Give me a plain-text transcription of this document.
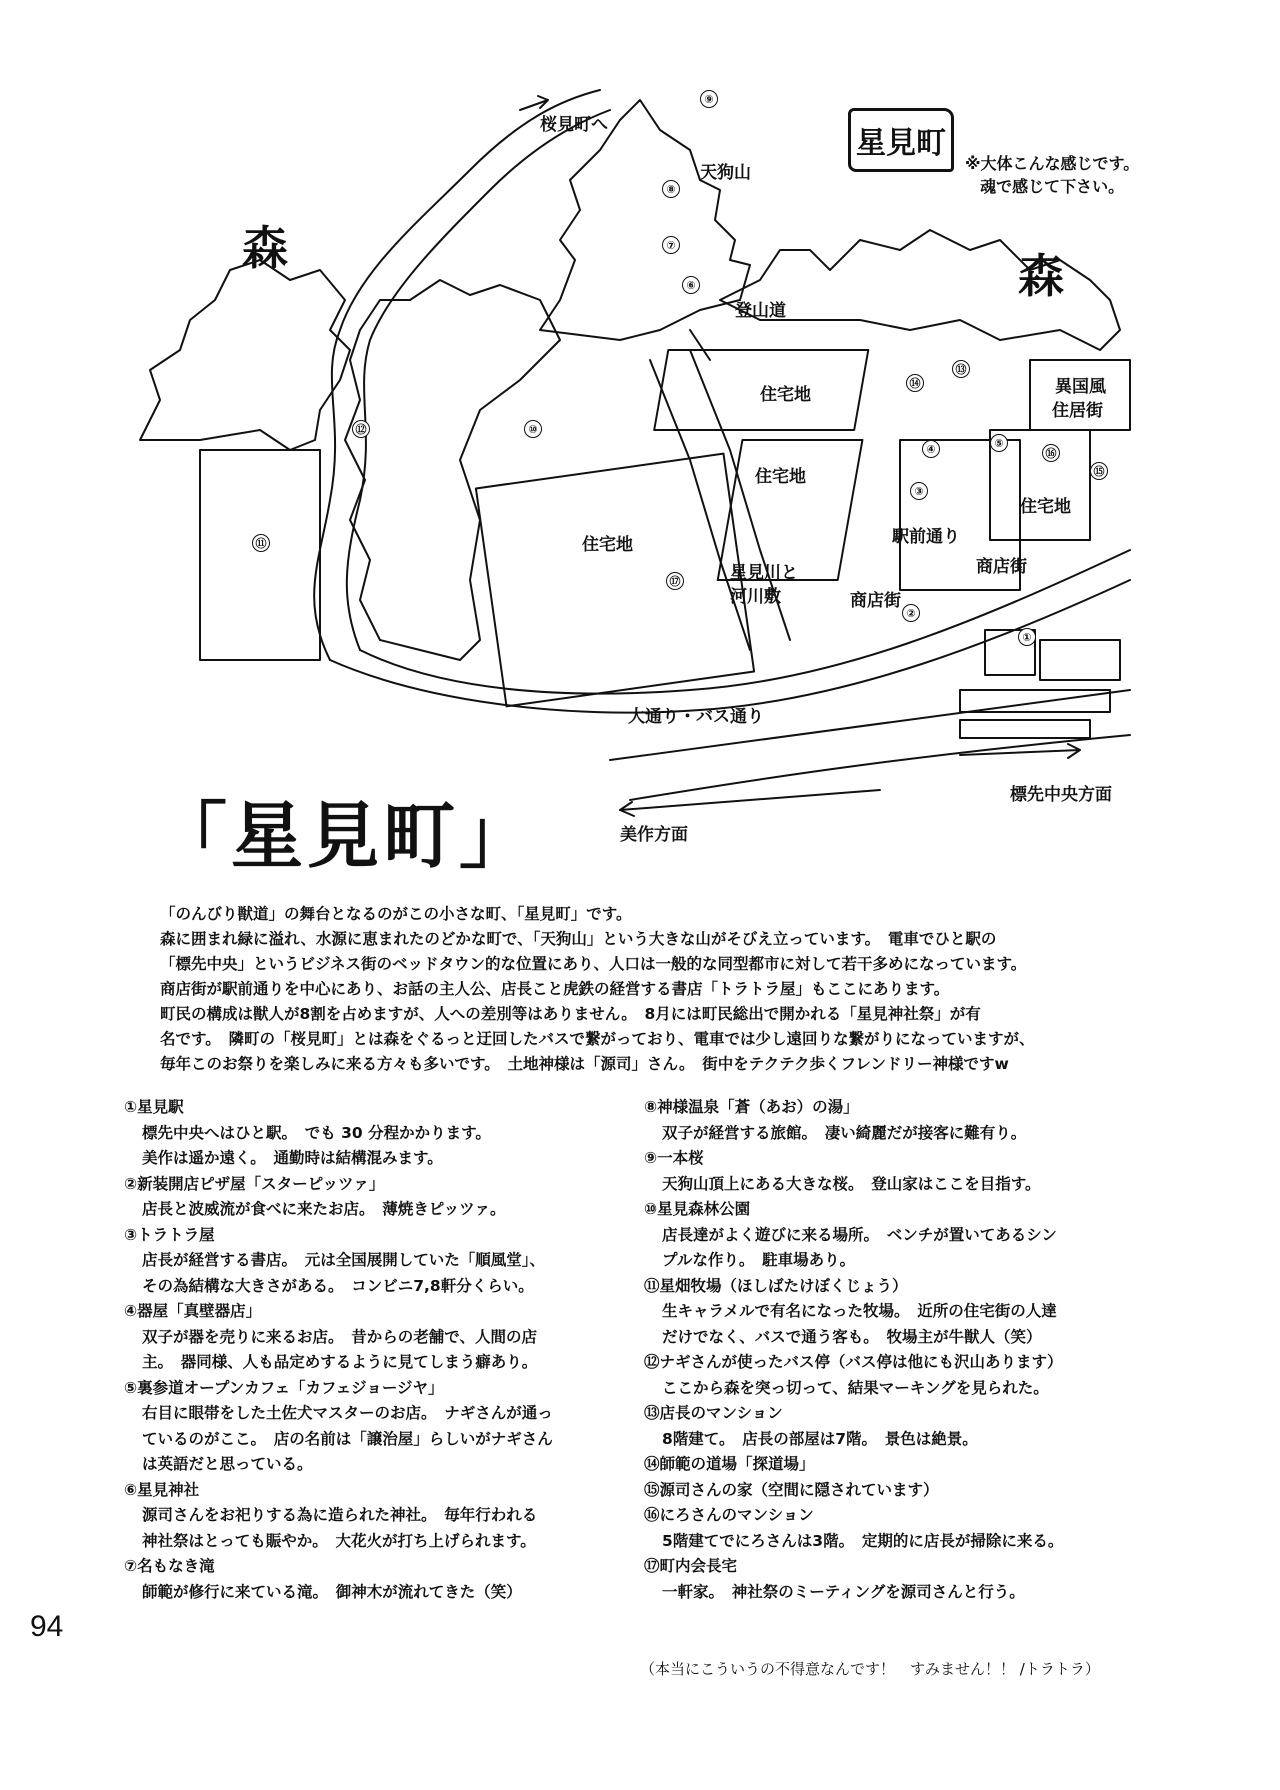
桜見町へ
天狗山
登山道
森
森
星見町
※大体こんな感じです。
魂で感じて下さい。
住宅地
住宅地
住宅地
住宅地
異国風
住居街
駅前通り
商店街
商店街
星見川と
河川敷
大通り・バス通り
標先中央方面
美作方面
①
②
③
④	⑤
⑥
⑦
⑧
⑨
⑩
⑪
⑫
⑬
⑭
⑮
⑯
⑰
「星見町」

「のんびり獣道」の舞台となるのがこの小さな町、「星見町」です。

森に囲まれ緑に溢れ、水源に恵まれたのどかな町で、「天狗山」という大きな山がそびえ立っています。　電車でひと駅の

「標先中央」というビジネス街のベッドタウン的な位置にあり、人口は一般的な同型都市に対して若干多めになっています。

商店街が駅前通りを中心にあり、お話の主人公、店長こと虎鉄の経営する書店「トラトラ屋」もここにあります。

町民の構成は獣人が8割を占めますが、人への差別等はありません。　8月には町民総出で開かれる「星見神社祭」が有

名です。　隣町の「桜見町」とは森をぐるっと迂回したバスで繋がっており、電車では少し遠回りな繋がりになっていますが、

毎年このお祭りを楽しみに来る方々も多いです。　土地神様は「源司」さん。　街中をテクテク歩くフレンドリー神様ですw

①星見駅
標先中央へはひと駅。　でも 30 分程かかります。
美作は遥か遠く。　通勤時は結構混みます。
②新装開店ピザ屋「スターピッツァ」
店長と波威流が食べに来たお店。　薄焼きピッツァ。
③トラトラ屋
店長が経営する書店。　元は全国展開していた「順風堂」、
その為結構な大きさがある。　コンビニ7,8軒分くらい。
④器屋「真壁器店」
双子が器を売りに来るお店。　昔からの老舗で、人間の店
主。　器同様、人も品定めするように見てしまう癖あり。
⑤裏参道オープンカフェ「カフェジョージヤ」
右目に眼帯をした土佐犬マスターのお店。　ナギさんが通っ
ているのがここ。　店の名前は「譲治屋」らしいがナギさん
は英語だと思っている。
⑥星見神社
源司さんをお祀りする為に造られた神社。　毎年行われる
神社祭はとっても賑やか。　大花火が打ち上げられます。
⑦名もなき滝
師範が修行に来ている滝。　御神木が流れてきた（笑）
⑧神様温泉「蒼（あお）の湯」
双子が経営する旅館。　凄い綺麗だが接客に難有り。
⑨一本桜
天狗山頂上にある大きな桜。　登山家はここを目指す。
⑩星見森林公園
店長達がよく遊びに来る場所。　ベンチが置いてあるシン
プルな作り。　駐車場あり。
⑪星畑牧場（ほしばたけぼくじょう）
生キャラメルで有名になった牧場。　近所の住宅街の人達
だけでなく、バスで通う客も。　牧場主が牛獣人（笑）
⑫ナギさんが使ったバス停（バス停は他にも沢山あります）
ここから森を突っ切って、結果マーキングを見られた。
⑬店長のマンション
8階建て。　店長の部屋は7階。　景色は絶景。
⑭師範の道場「探道場」
⑮源司さんの家（空間に隠されています）
⑯にろさんのマンション
5階建てでにろさんは3階。　定期的に店長が掃除に来る。
⑰町内会長宅
一軒家。　神社祭のミーティングを源司さんと行う。
94
（本当にこういうの不得意なんです！　すみません！！ /トラトラ）
